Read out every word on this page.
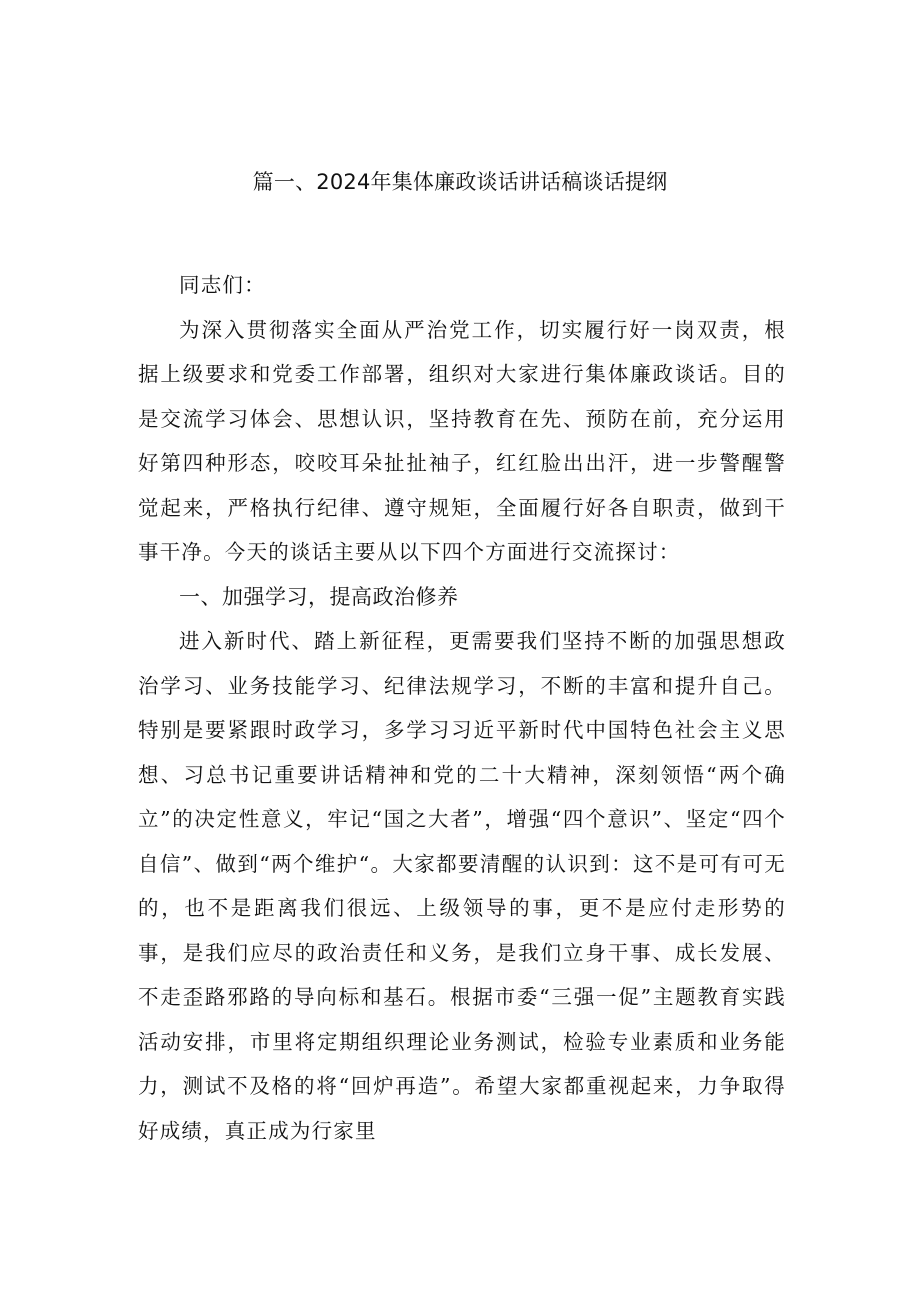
篇一、2024年集体廉政谈话讲话稿谈话提纲

同志们：

为深入贯彻落实全面从严治党工作，切实履行好一岗双责，根据上级要求和党委工作部署，组织对大家进行集体廉政谈话。目的是交流学习体会、思想认识，坚持教育在先、预防在前，充分运用好第四种形态，咬咬耳朵扯扯袖子，红红脸出出汗，进一步警醒警觉起来，严格执行纪律、遵守规矩，全面履行好各自职责，做到干事干净。今天的谈话主要从以下四个方面进行交流探讨：

一、加强学习，提高政治修养

进入新时代、踏上新征程，更需要我们坚持不断的加强思想政治学习、业务技能学习、纪律法规学习，不断的丰富和提升自己。特别是要紧跟时政学习，多学习习近平新时代中国特色社会主义思想、习总书记重要讲话精神和党的二十大精神，深刻领悟“两个确立”的决定性意义，牢记“国之大者”，增强“四个意识”、坚定“四个自信”、做到“两个维护“。大家都要清醒的认识到：这不是可有可无的，也不是距离我们很远、上级领导的事，更不是应付走形势的事，是我们应尽的政治责任和义务，是我们立身干事、成长发展、不走歪路邪路的导向标和基石。根据市委“三强一促”主题教育实践活动安排，市里将定期组织理论业务测试，检验专业素质和业务能力，测试不及格的将“回炉再造”。希望大家都重视起来，力争取得好成绩，真正成为行家里
